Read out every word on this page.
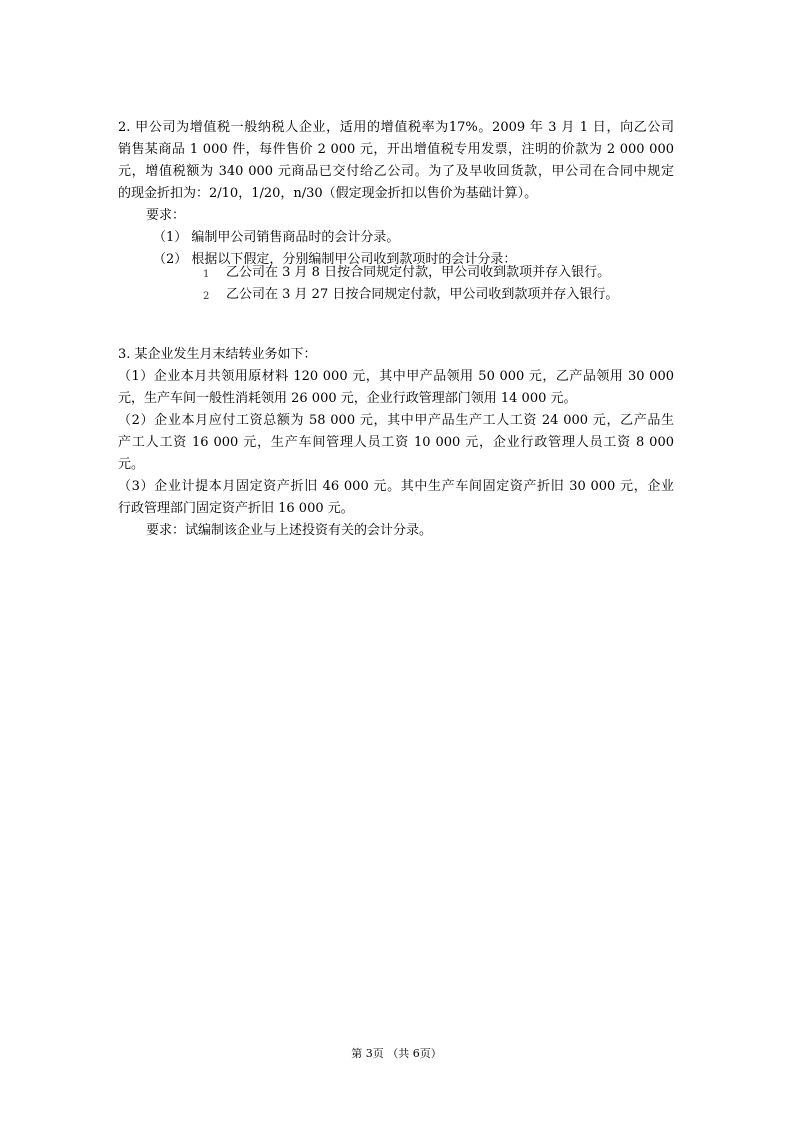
2. 甲公司为增值税一般纳税人企业，适用的增值税率为17%。2009 年 3 月 1 日，向乙公司
销售某商品 1 000 件，每件售价 2 000 元，开出增值税专用发票，注明的价款为 2 000 000
元，增值税额为 340 000 元商品已交付给乙公司。为了及早收回货款，甲公司在合同中规定
的现金折扣为：2/10，1/20，n/30（假定现金折扣以售价为基础计算）。
要求：
（1） 编制甲公司销售商品时的会计分录。
（2） 根据以下假定，分别编制甲公司收到款项时的会计分录：
1 乙公司在 3 月 8 日按合同规定付款，甲公司收到款项并存入银行。
2 乙公司在 3 月 27 日按合同规定付款，甲公司收到款项并存入银行。
3. 某企业发生月末结转业务如下：
（1）企业本月共领用原材料 120 000 元，其中甲产品领用 50 000 元，乙产品领用 30 000
元，生产车间一般性消耗领用 26 000 元，企业行政管理部门领用 14 000 元。
（2）企业本月应付工资总额为 58 000 元，其中甲产品生产工人工资 24 000 元，乙产品生
产工人工资 16 000 元，生产车间管理人员工资 10 000 元，企业行政管理人员工资 8 000
元。
（3）企业计提本月固定资产折旧 46 000 元。其中生产车间固定资产折旧 30 000 元，企业
行政管理部门固定资产折旧 16 000 元。
要求：试编制该企业与上述投资有关的会计分录。
第 3页 （共 6页）
